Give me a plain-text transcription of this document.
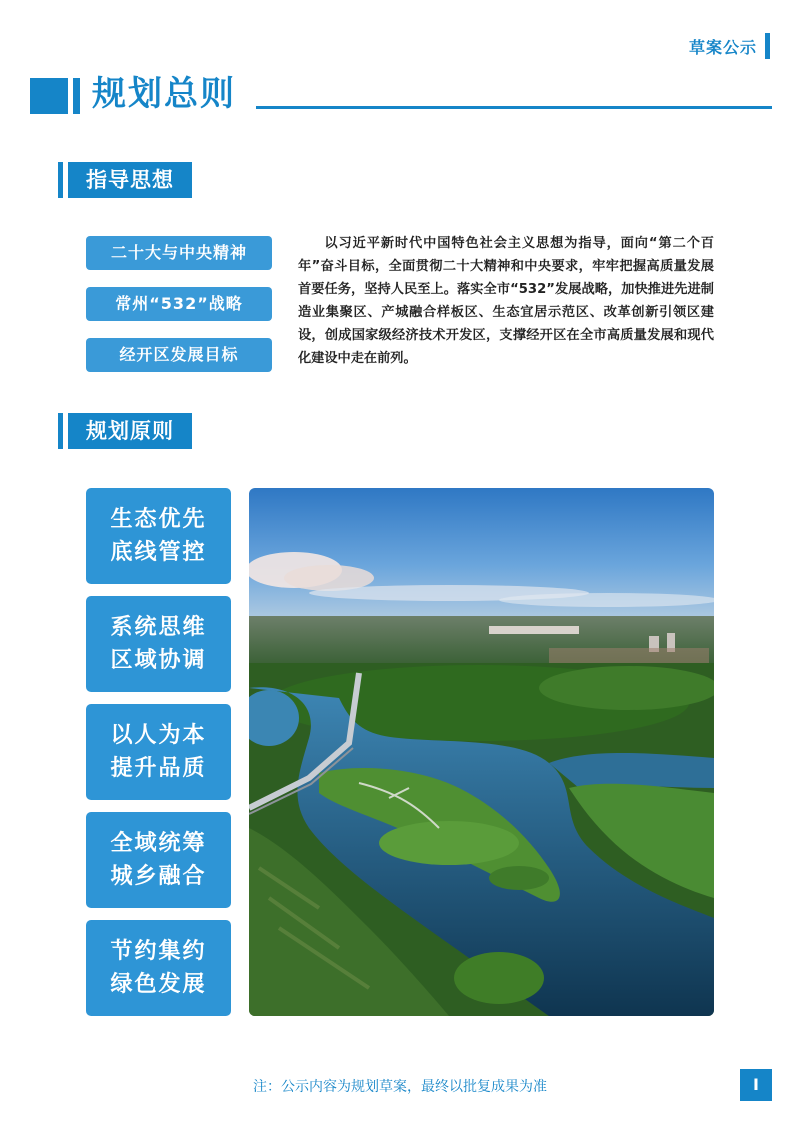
草案公示
规划总则
指导思想
二十大与中央精神
常州“532”战略
经开区发展目标
以习近平新时代中国特色社会主义思想为指导，面向“第二个百年”奋斗目标，全面贯彻二十大精神和中央要求，牢牢把握高质量发展首要任务，坚持人民至上。落实全市“532”发展战略，加快推进先进制造业集聚区、产城融合样板区、生态宜居示范区、改革创新引领区建设，创成国家级经济技术开发区，支撑经开区在全市高质量发展和现代化建设中走在前列。
规划原则
生态优先
底线管控
系统思维
区域协调
以人为本
提升品质
全域统筹
城乡融合
节约集约
绿色发展
注：公示内容为规划草案，最终以批复成果为准	I
